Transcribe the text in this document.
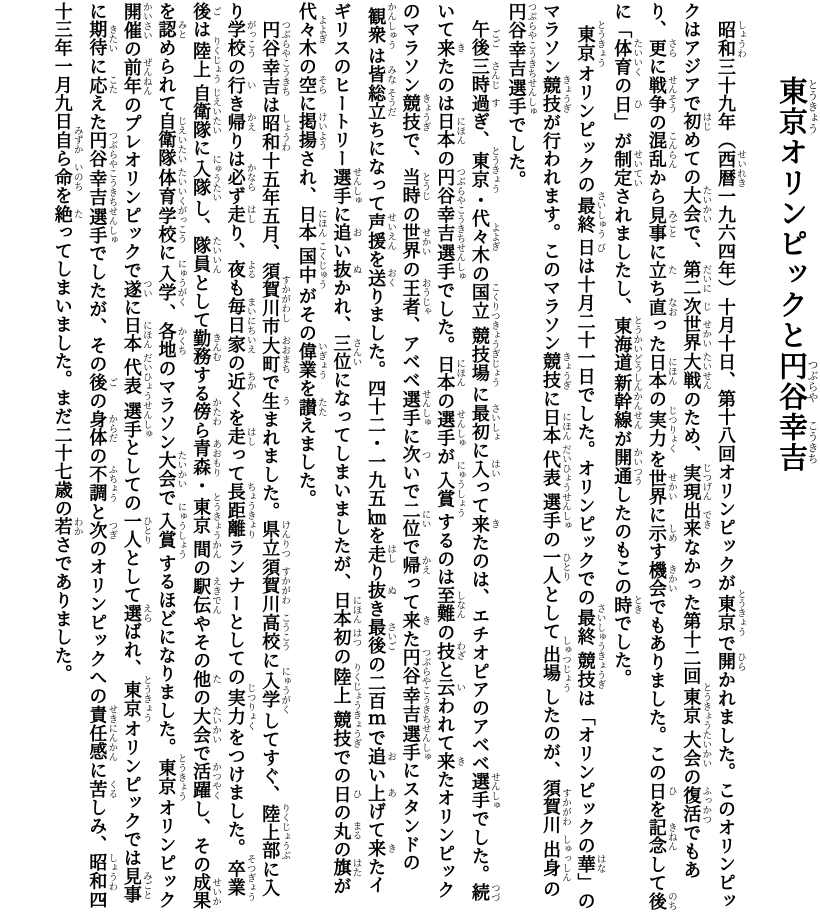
東京 とうきょうオリンピックと円谷 つぶらや幸吉 こうきち

昭和 しょうわ三十九年（西暦 せいれき一九六四年）十月十日、第十八回オリンピックが東京 とうきょうで開 ひらかれました。このオリンピックはアジアで初 はじめての大会 たいかいで、第二 だいに次 じ世界 せかい大戦 たいせんのため、実現 じつげん出来 できなかった第十二回東京 とうきょう大会 たいかいの復活 ふっかつでもあり、更 さらに戦争 せんそうの混乱 こんらんから見事 みごとに立 たち直 なおった日本 にほんの実力 じつりょくを世界 せかいに示 しめす機会 きかいでもありました。この日 ひを記念 きねんして後 のちに「体育 たいいくの日 ひ」が制定 せいていされましたし、東海道 とうかいどう新幹線 しんかんせんが開通 かいつうしたのもこの時 ときでした。

東京 とうきょうオリンピックの最終 さいしゅう日 びは十月二十一日でした。オリンピックでの最終 さいしゅう競技 きょうぎは「オリンピックの華 はな」のマラソン競技 きょうぎが行われます。このマラソン競技 きょうぎに日本 にほん代表 だいひょう選手 せんしゅの一人 ひとりとして出場 しゅつじょうしたのが、須賀川 すかがわ出身 しゅっしんの円谷 つぶらや幸吉 こうきち選手 せんしゅでした。

午後 ごご三時 さんじ過 すぎ、東京 とうきょう・代々木 よよぎの国立 こくりつ競技場 きょうぎじょうに最初 さいしょに入 はいって来 きたのは、エチオピアのアベベ選手 せんしゅでした。続 つづいて来 きたのは日本 にほんの円谷 つぶらや幸吉 こうきち選手 せんしゅでした。日本 にほんの選手 せんしゅが入賞 にゅうしょうするのは至難 しなんの技 わざと云 いわれて来 きたオリンピックのマラソン競技 きょうぎで、当時 とうじの世界 せかいの王者 おうじゃ、アベベ選手 せんしゅに次 ついで二位 にいで帰 かえって来 きた円谷 つぶらや幸吉 こうきち選手 せんしゅにスタンドの観衆 かんしゅうは皆 みな総立 そうだちになって声援 せいえんを送 おくりました。四十二・一九五㎞を走 はしり抜 ぬき最後 さいごの二百ｍで追 おい上 あげて来 きたイギリスのヒートリー選手 せんしゅに追 おい抜 ぬかれ、三位 さんいになってしまいましたが、日本 にほん初 はつの陸上 りくじょう競技 きょうぎでの日 ひの丸 まるの旗 はたが代々木 よよぎの空 そらに掲揚 けいようされ、日本 にほん国中 こくじゅうがその偉業 いぎょうを讃 たたえました。

円谷 つぶらや幸吉 こうきちは昭和 しょうわ十五年五月、須賀川市 すかがわし大町 おおまちで生 うまれました。県立 けんりつ須賀川 すかがわ高校 こうこうに入学 にゅうがくしてすぐ、陸上部 りくじょうぶに入り学校 がっこうの行 いき帰 かえりは必 かならず走 はしり、夜 よるも毎日 まいにち家 いえの近 ちかくを走 はしって長距離 ちょうきょりランナーとしての実力 じつりょくをつけました。卒業 そつぎょう後 ごは陸上 りくじょう自衛隊 じえいたいに入隊 にゅうたいし、隊員 たいいんとして勤務 きんむする傍 かたわら青森 あおもり・東京 とうきょう間 かんの駅伝 えきでんやその他 たの大会 たいかいで活躍 かつやくし、その成果 せいかを認 みとめられて自衛隊 じえいたい体育 たいいく学校 がっこうに入学 にゅうがく、各地 かくちのマラソン大会 たいかいで入賞 にゅうしょうするほどになりました。東京 とうきょうオリンピック開催 かいさいの前年 ぜんねんのプレオリンピックで遂 ついに日本 にほん代表 だいひょう選手 せんしゅとしての一人 ひとりとして選 えらばれ、東京 とうきょうオリンピックでは見事 みごとに期待 きたいに応 こたえた円谷 つぶらや幸吉 こうきち選手 せんしゅでしたが、その後 ごの身体 からだの不調 ふちょうと次 つぎのオリンピックへの責任感 せきにんかんに苦 くるしみ、昭和 しょうわ四十三年一月九日自 みずから命 いのちを絶 たってしまいました。まだ二十七歳の若 わかさでありました。
